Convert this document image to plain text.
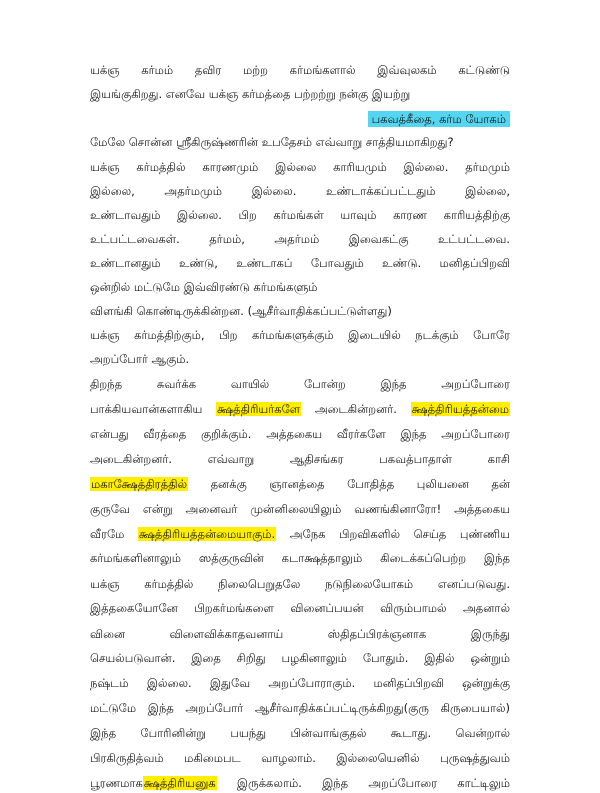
யக்ஞ கர்மம் தவிர மற்ற கர்மங்களால் இவ்வுலகம் கட்டுண்டு
இயங்குகிறது. எனவே யக்ஞ கர்மத்தை பற்றற்று நன்கு இயற்று
பகவத்கீதை, கர்ம யோகம்
மேலே சொன்ன ஸ்ரீகிருஷ்ணரின் உபதேசம் எவ்வாறு சாத்தியமாகிறது?
யக்ஞ கர்மத்தில் காரணமும் இல்லை காரியமும் இல்லை. தர்மமும்
இல்லை, அதர்மமும் இல்லை. உண்டாக்கப்பட்டதும் இல்லை,
உண்டாவதும் இல்லை. பிற கர்மங்கள் யாவும் காரண காரியத்திற்கு
உட்பட்டவைகள். தர்மம், அதர்மம் இவைகட்கு உட்பட்டவை.
உண்டானதும் உண்டு, உண்டாகப் போவதும் உண்டு. மனிதப்பிறவி
ஒன்றில் மட்டுமே இவ்விரண்டு கர்மங்களும்
விளங்கி கொண்டிருக்கின்றன. (ஆசீர்வாதிக்கப்பட்டுள்ளது)
யக்ஞ கர்மத்திற்கும், பிற கர்மங்களுக்கும் இடையில் நடக்கும் போரே
அறப்போர் ஆகும்.
திறந்த சுவர்க்க வாயில் போன்ற இந்த அறப்போரை
பாக்கியவான்களாகிய க்ஷத்திரியர்களே அடைகின்றனர். க்ஷத்திரியத்தன்மை
என்பது வீரத்தை குறிக்கும். அத்தகைய வீரர்களே இந்த அறப்போரை
அடைகின்றனர். எவ்வாறு ஆதிசங்கர பகவத்பாதாள் காசி
மகாக்ஷேத்திரத்தில் தனக்கு ஞானத்தை போதித்த புலியனை தன்
குருவே என்று அனைவர் முன்னிலையிலும் வணங்கினாரோ! அத்தகைய
வீரமே க்ஷத்திரியத்தன்மையாகும். அநேக பிறவிகளில் செய்த புண்ணிய
கர்மங்களினாலும் ஸத்குருவின் கடாக்ஷத்தாலும் கிடைக்கப்பெற்ற இந்த
யக்ஞ கர்மத்தில் நிலைபெறுதலே நடுநிலையோகம் எனப்படுவது.
இத்தகையோனே பிறகர்மங்களை வினைப்பயன் விரும்பாமல் அதனால்
வினை விளைவிக்காதவனாய் ஸ்திதப்பிரக்ஞனாக இருந்து
செயல்படுவான். இதை சிறிது பழகினாலும் போதும். இதில் ஒன்றும்
நஷ்டம் இல்லை. இதுவே அறப்போராகும். மனிதப்பிறவி ஒன்றுக்கு
மட்டுமே இந்த அறப்போர் ஆசீர்வாதிக்கப்பட்டிருக்கிறது(குரு கிருபையால்)
இந்த போரினின்று பயந்து பின்வாங்குதல் கூடாது. வென்றால்
பிரகிருதித்வம் மகிமைபட வாழலாம். இல்லையெனில் புருஷத்துவம்
பூரணமாகக்ஷத்திரியனுக இருக்கலாம். இந்த அறப்போரை காட்டிலும்
